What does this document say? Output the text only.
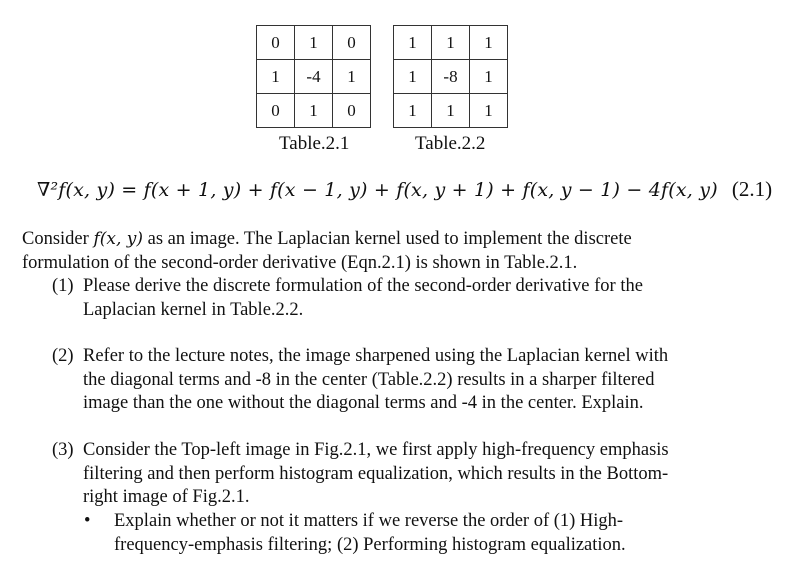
0	1	0
1	-4	1
0	1	0
1	1	1
1	-8	1
1	1	1
Table.2.1	Table.2.2
∇²f(x, y) = f(x + 1, y) + f(x − 1, y) + f(x, y + 1) + f(x, y − 1) − 4f(x, y) (2.1)
Consider f(x, y) as an image. The Laplacian kernel used to implement the discrete
formulation of the second-order derivative (Eqn.2.1) is shown in Table.2.1.
(1) Please derive the discrete formulation of the second-order derivative for the
Laplacian kernel in Table.2.2.
(2) Refer to the lecture notes, the image sharpened using the Laplacian kernel with
the diagonal terms and -8 in the center (Table.2.2) results in a sharper filtered
image than the one without the diagonal terms and -4 in the center. Explain.
(3) Consider the Top-left image in Fig.2.1, we first apply high-frequency emphasis
filtering and then perform histogram equalization, which results in the Bottom-
right image of Fig.2.1.
• Explain whether or not it matters if we reverse the order of (1) High-
frequency-emphasis filtering; (2) Performing histogram equalization.
